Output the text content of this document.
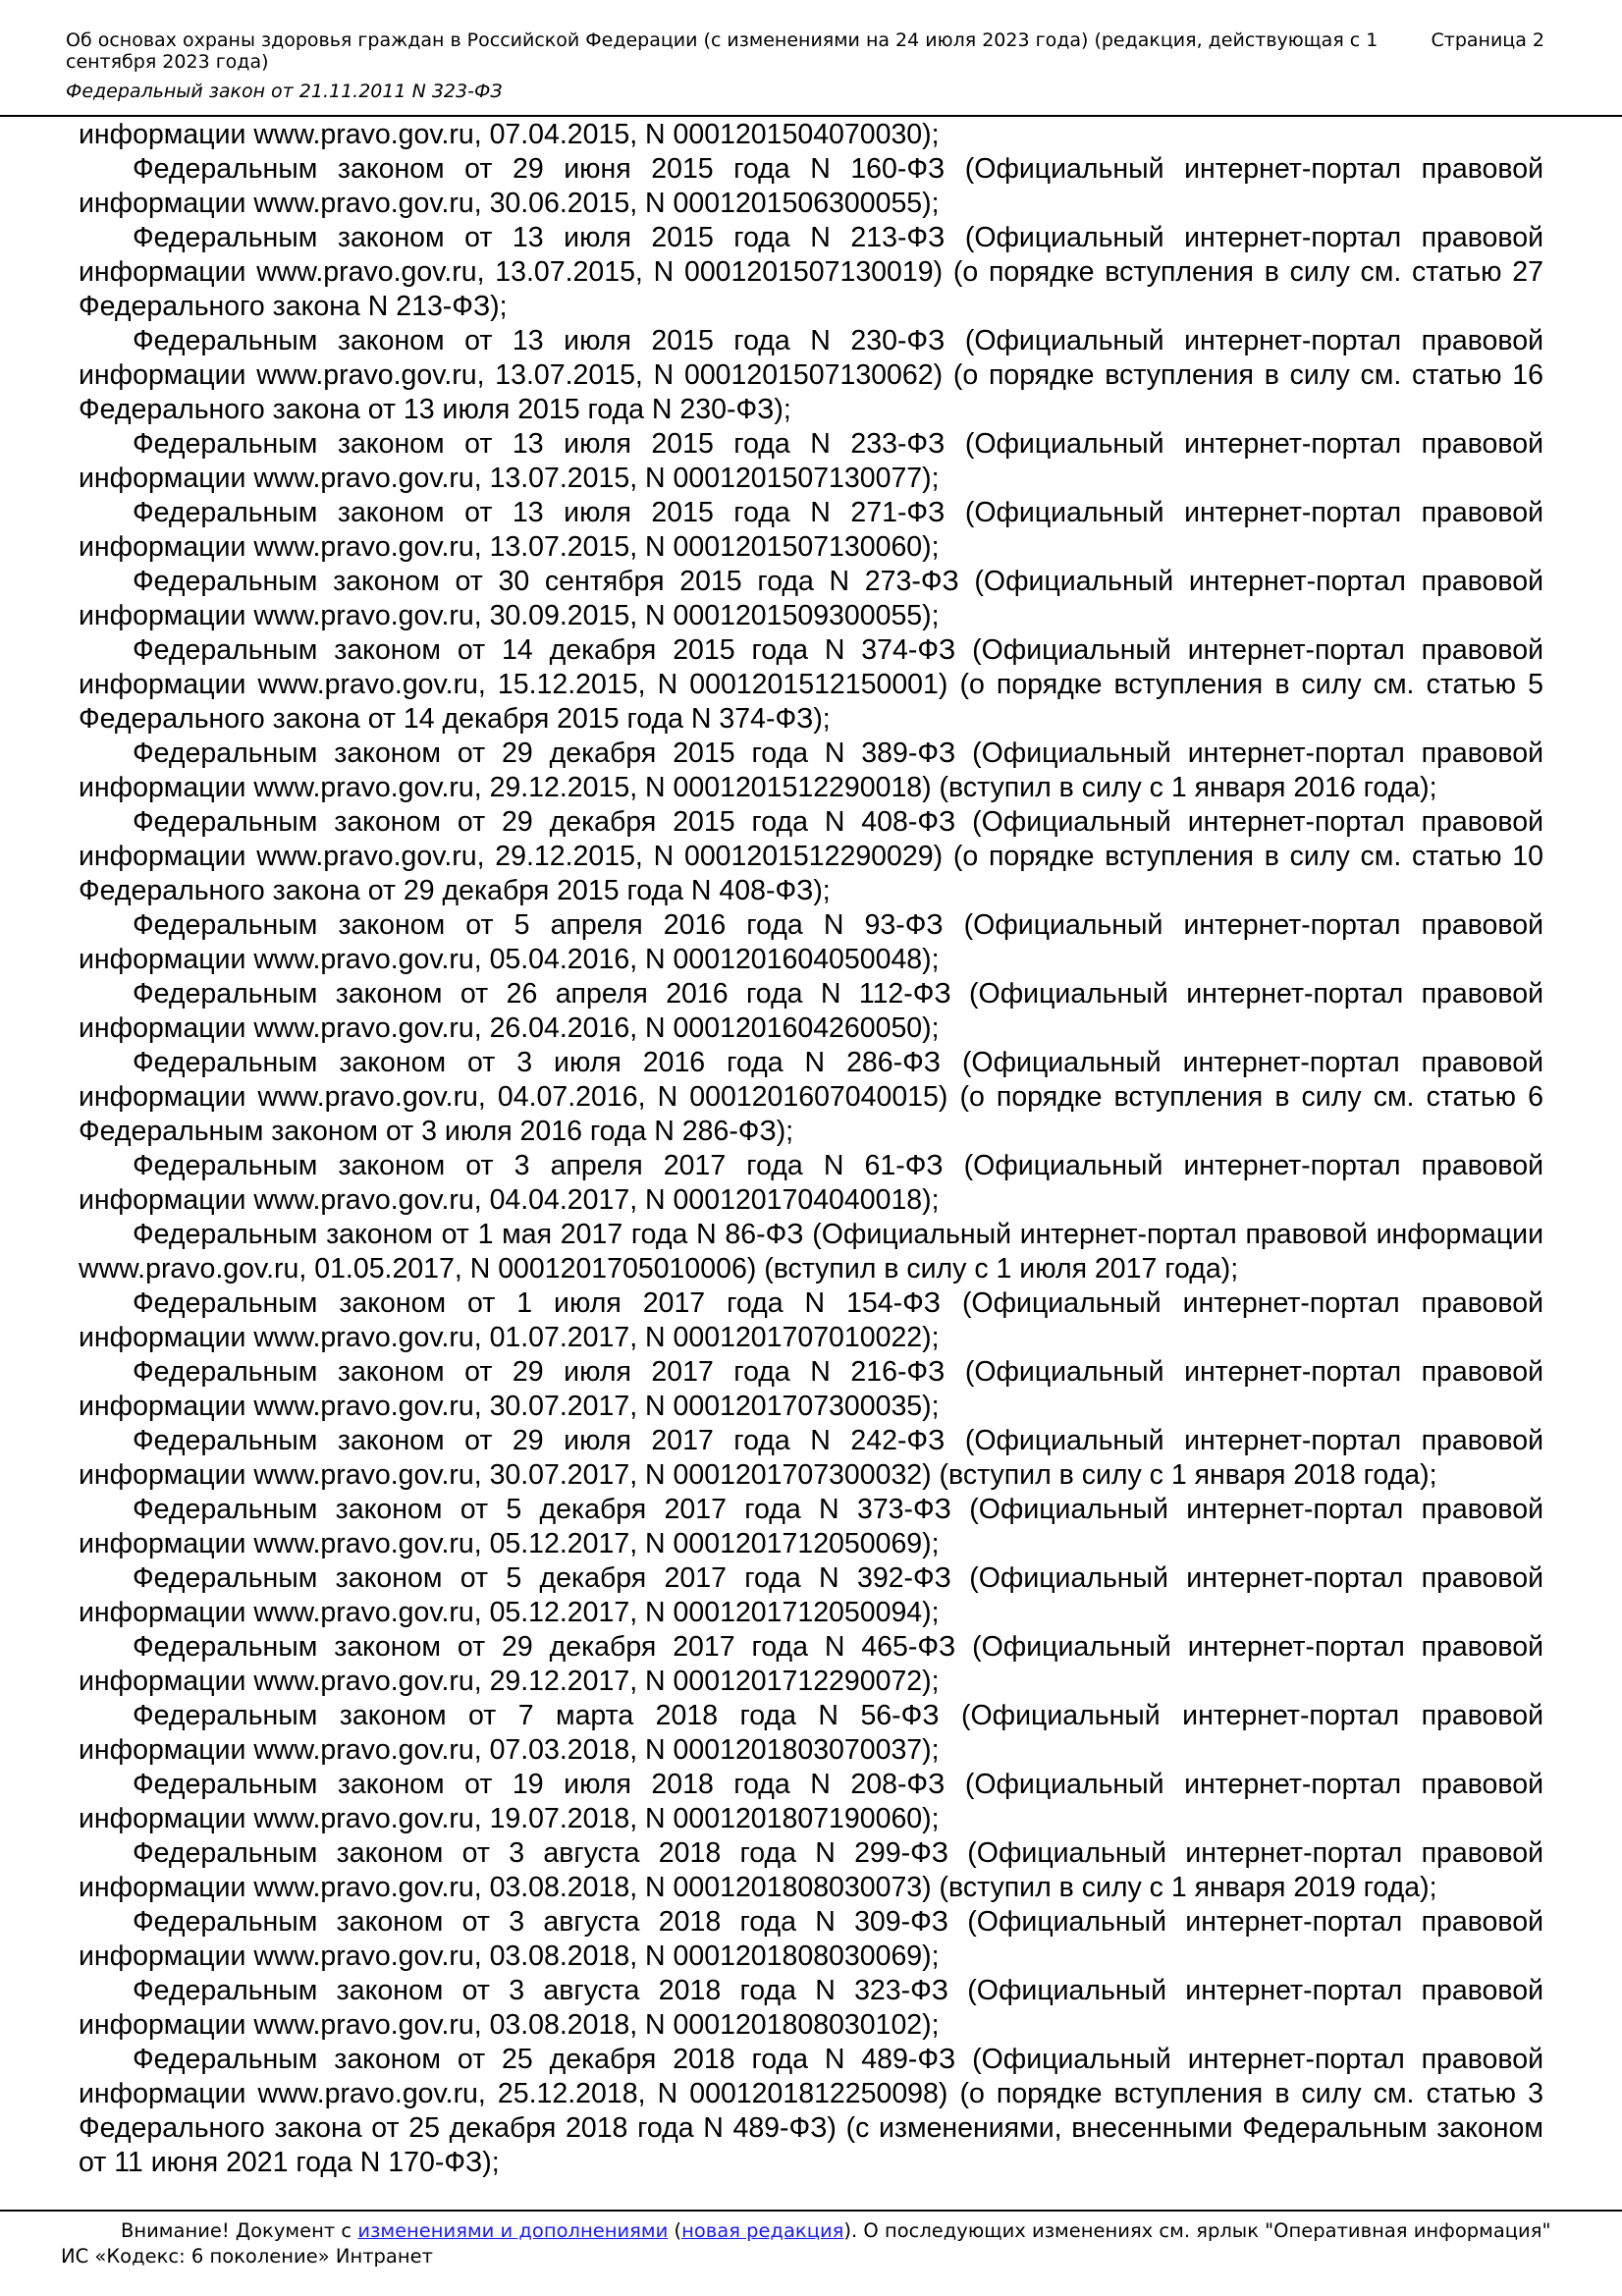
Об основах охраны здоровья граждан в Российской Федерации (с изменениями на 24 июля 2023 года) (редакция, действующая с 1 сентября 2023 года)
Федеральный закон от 21.11.2011 N 323-ФЗ
Страница 2

информации www.pravo.gov.ru, 07.04.2015, N 0001201504070030);

Федеральным законом от 29 июня 2015 года N 160-ФЗ (Официальный интернет-портал правовой информации www.pravo.gov.ru, 30.06.2015, N 0001201506300055);

Федеральным законом от 13 июля 2015 года N 213-ФЗ (Официальный интернет-портал правовой информации www.pravo.gov.ru, 13.07.2015, N 0001201507130019) (о порядке вступления в силу см. статью 27 Федерального закона N 213-ФЗ);

Федеральным законом от 13 июля 2015 года N 230-ФЗ (Официальный интернет-портал правовой информации www.pravo.gov.ru, 13.07.2015, N 0001201507130062) (о порядке вступления в силу см. статью 16 Федерального закона от 13 июля 2015 года N 230-ФЗ);

Федеральным законом от 13 июля 2015 года N 233-ФЗ (Официальный интернет-портал правовой информации www.pravo.gov.ru, 13.07.2015, N 0001201507130077);

Федеральным законом от 13 июля 2015 года N 271-ФЗ (Официальный интернет-портал правовой информации www.pravo.gov.ru, 13.07.2015, N 0001201507130060);

Федеральным законом от 30 сентября 2015 года N 273-ФЗ (Официальный интернет-портал правовой информации www.pravo.gov.ru, 30.09.2015, N 0001201509300055);

Федеральным законом от 14 декабря 2015 года N 374-ФЗ (Официальный интернет-портал правовой информации www.pravo.gov.ru, 15.12.2015, N 0001201512150001) (о порядке вступления в силу см. статью 5 Федерального закона от 14 декабря 2015 года N 374-ФЗ);

Федеральным законом от 29 декабря 2015 года N 389-ФЗ (Официальный интернет-портал правовой информации www.pravo.gov.ru, 29.12.2015, N 0001201512290018) (вступил в силу с 1 января 2016 года);

Федеральным законом от 29 декабря 2015 года N 408-ФЗ (Официальный интернет-портал правовой информации www.pravo.gov.ru, 29.12.2015, N 0001201512290029) (о порядке вступления в силу см. статью 10 Федерального закона от 29 декабря 2015 года N 408-ФЗ);

Федеральным законом от 5 апреля 2016 года N 93-ФЗ (Официальный интернет-портал правовой информации www.pravo.gov.ru, 05.04.2016, N 0001201604050048);

Федеральным законом от 26 апреля 2016 года N 112-ФЗ (Официальный интернет-портал правовой информации www.pravo.gov.ru, 26.04.2016, N 0001201604260050);

Федеральным законом от 3 июля 2016 года N 286-ФЗ (Официальный интернет-портал правовой информации www.pravo.gov.ru, 04.07.2016, N 0001201607040015) (о порядке вступления в силу см. статью 6 Федеральным законом от 3 июля 2016 года N 286-ФЗ);

Федеральным законом от 3 апреля 2017 года N 61-ФЗ (Официальный интернет-портал правовой информации www.pravo.gov.ru, 04.04.2017, N 0001201704040018);

Федеральным законом от 1 мая 2017 года N 86-ФЗ (Официальный интернет-портал правовой информации www.pravo.gov.ru, 01.05.2017, N 0001201705010006) (вступил в силу с 1 июля 2017 года);

Федеральным законом от 1 июля 2017 года N 154-ФЗ (Официальный интернет-портал правовой информации www.pravo.gov.ru, 01.07.2017, N 0001201707010022);

Федеральным законом от 29 июля 2017 года N 216-ФЗ (Официальный интернет-портал правовой информации www.pravo.gov.ru, 30.07.2017, N 0001201707300035);

Федеральным законом от 29 июля 2017 года N 242-ФЗ (Официальный интернет-портал правовой информации www.pravo.gov.ru, 30.07.2017, N 0001201707300032) (вступил в силу с 1 января 2018 года);

Федеральным законом от 5 декабря 2017 года N 373-ФЗ (Официальный интернет-портал правовой информации www.pravo.gov.ru, 05.12.2017, N 0001201712050069);

Федеральным законом от 5 декабря 2017 года N 392-ФЗ (Официальный интернет-портал правовой информации www.pravo.gov.ru, 05.12.2017, N 0001201712050094);

Федеральным законом от 29 декабря 2017 года N 465-ФЗ (Официальный интернет-портал правовой информации www.pravo.gov.ru, 29.12.2017, N 0001201712290072);

Федеральным законом от 7 марта 2018 года N 56-ФЗ (Официальный интернет-портал правовой информации www.pravo.gov.ru, 07.03.2018, N 0001201803070037);

Федеральным законом от 19 июля 2018 года N 208-ФЗ (Официальный интернет-портал правовой информации www.pravo.gov.ru, 19.07.2018, N 0001201807190060);

Федеральным законом от 3 августа 2018 года N 299-ФЗ (Официальный интернет-портал правовой информации www.pravo.gov.ru, 03.08.2018, N 0001201808030073) (вступил в силу с 1 января 2019 года);

Федеральным законом от 3 августа 2018 года N 309-ФЗ (Официальный интернет-портал правовой информации www.pravo.gov.ru, 03.08.2018, N 0001201808030069);

Федеральным законом от 3 августа 2018 года N 323-ФЗ (Официальный интернет-портал правовой информации www.pravo.gov.ru, 03.08.2018, N 0001201808030102);

Федеральным законом от 25 декабря 2018 года N 489-ФЗ (Официальный интернет-портал правовой информации www.pravo.gov.ru, 25.12.2018, N 0001201812250098) (о порядке вступления в силу см. статью 3 Федерального закона от 25 декабря 2018 года N 489-ФЗ) (с изменениями, внесенными Федеральным законом от 11 июня 2021 года N 170-ФЗ);

Внимание! Документ с изменениями и дополнениями (новая редакция). О последующих изменениях см. ярлык "Оперативная информация"
ИС «Кодекс: 6 поколение» Интранет
